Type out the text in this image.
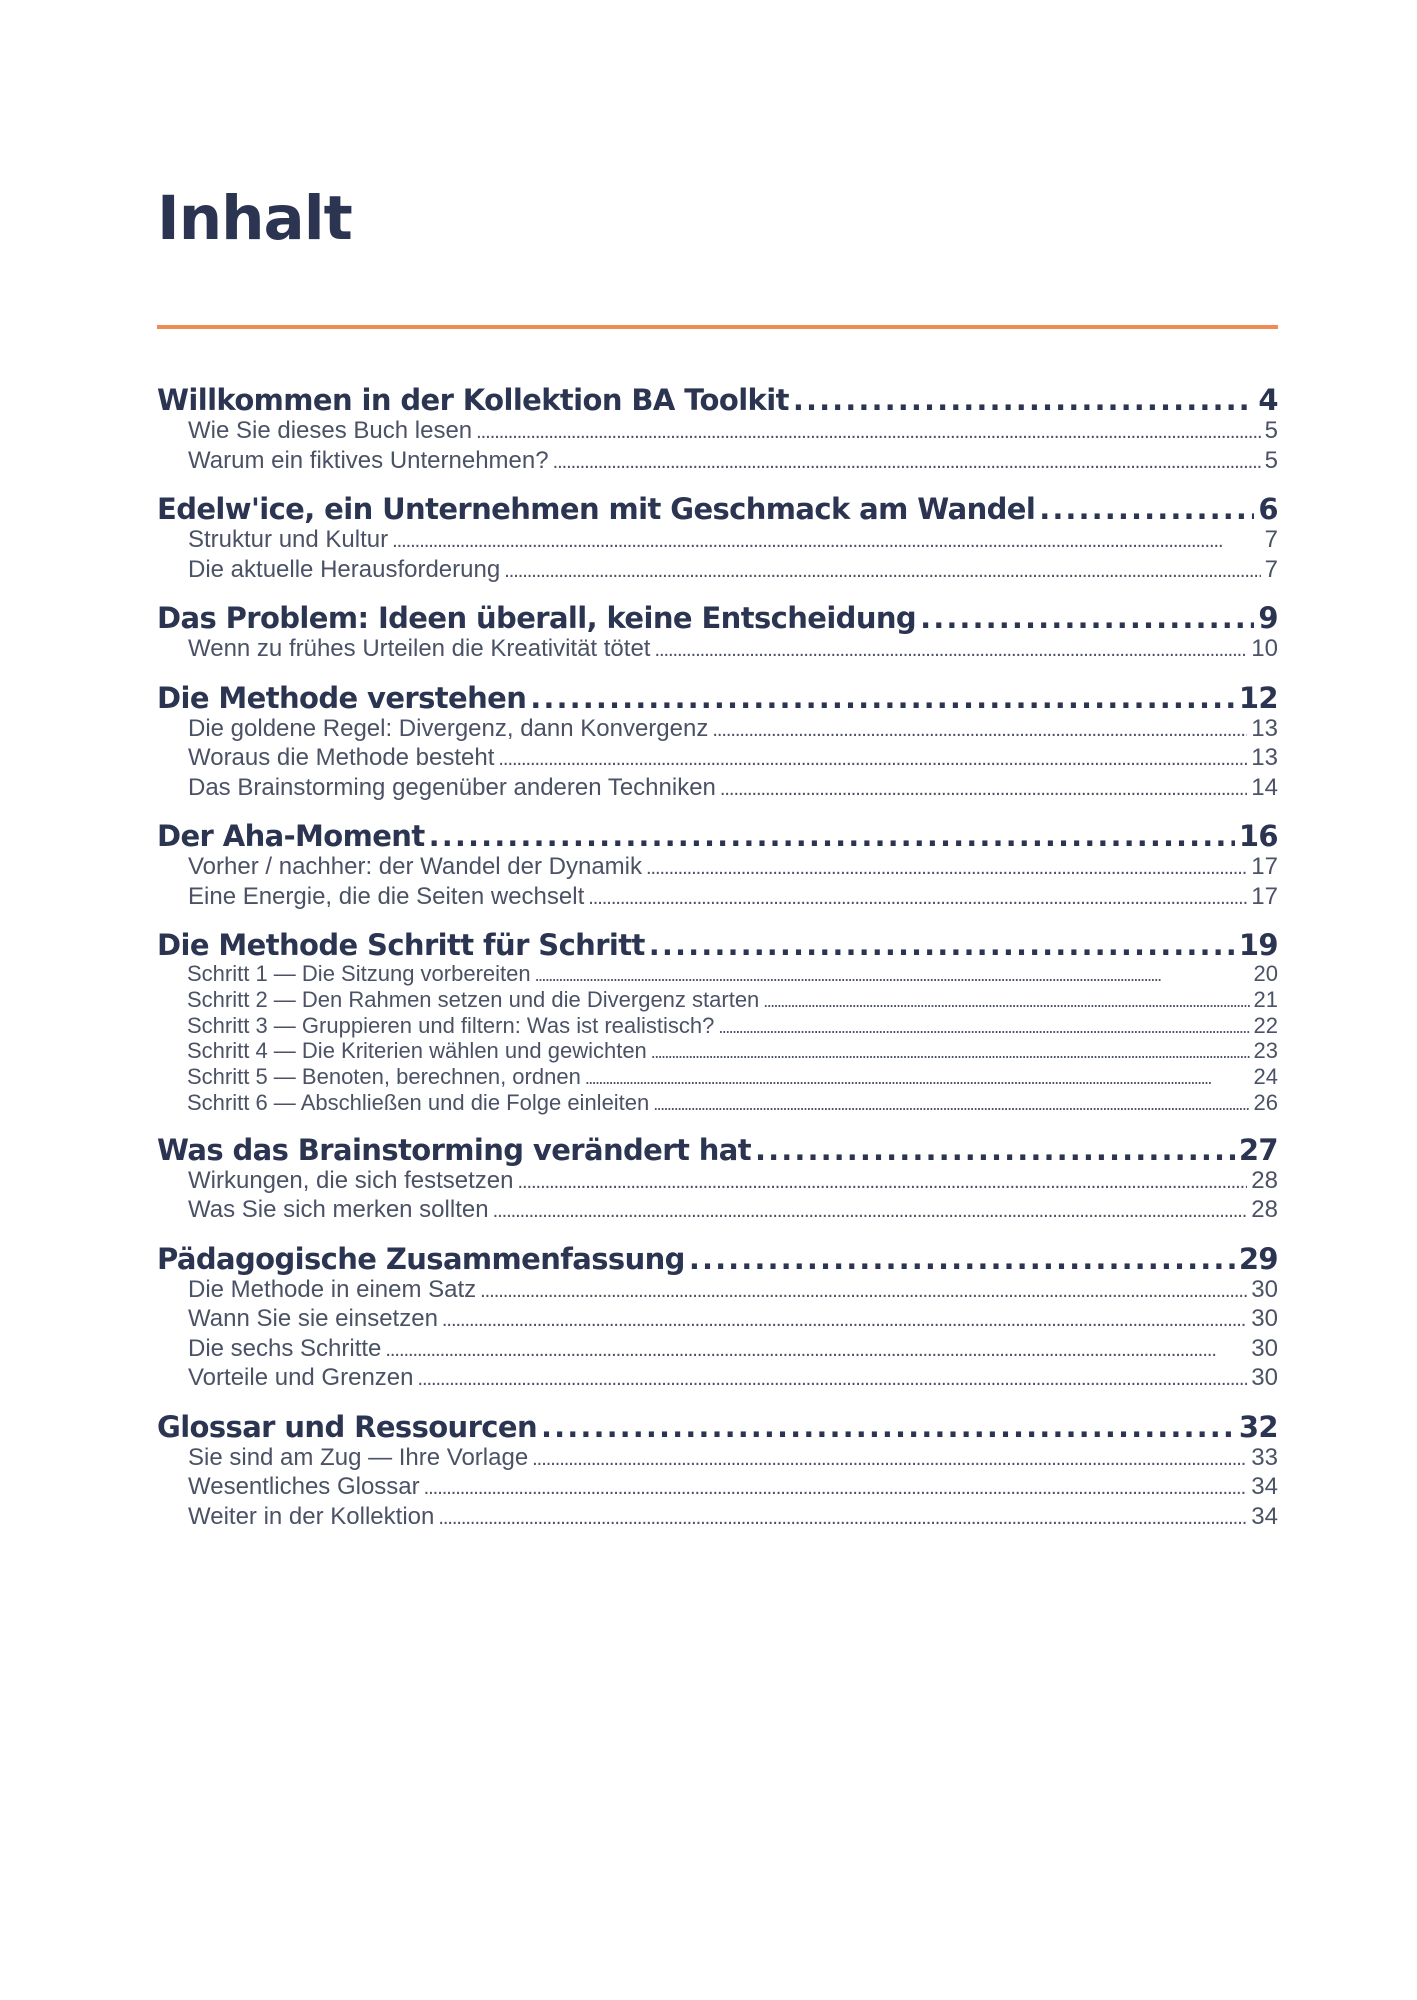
Inhalt
Willkommen in der Kollektion BA Toolkit . . .	4
Wie Sie dieses Buch lesen . . .	5
Warum ein fiktives Unternehmen? . . .	5
Edelw'ice, ein Unternehmen mit Geschmack am Wandel . . .	6
Struktur und Kultur . . .	7
Die aktuelle Herausforderung . . .	7
Das Problem: Ideen überall, keine Entscheidung . . .	9
Wenn zu frühes Urteilen die Kreativität tötet . . .	10
Die Methode verstehen . . .	12
Die goldene Regel: Divergenz, dann Konvergenz . . .	13
Woraus die Methode besteht . . .	13
Das Brainstorming gegenüber anderen Techniken . . .	14
Der Aha-Moment . . .	16
Vorher / nachher: der Wandel der Dynamik . . .	17
Eine Energie, die die Seiten wechselt . . .	17
Die Methode Schritt für Schritt . . .	19
Schritt 1 — Die Sitzung vorbereiten . . .	20
Schritt 2 — Den Rahmen setzen und die Divergenz starten . . .	21
Schritt 3 — Gruppieren und filtern: Was ist realistisch? . . .	22
Schritt 4 — Die Kriterien wählen und gewichten . . .	23
Schritt 5 — Benoten, berechnen, ordnen . . .	24
Schritt 6 — Abschließen und die Folge einleiten . . .	26
Was das Brainstorming verändert hat . . .	27
Wirkungen, die sich festsetzen . . .	28
Was Sie sich merken sollten . . .	28
Pädagogische Zusammenfassung . . .	29
Die Methode in einem Satz . . .	30
Wann Sie sie einsetzen . . .	30
Die sechs Schritte . . .	30
Vorteile und Grenzen . . .	30
Glossar und Ressourcen . . .	32
Sie sind am Zug — Ihre Vorlage . . .	33
Wesentliches Glossar . . .	34
Weiter in der Kollektion . . .	34
